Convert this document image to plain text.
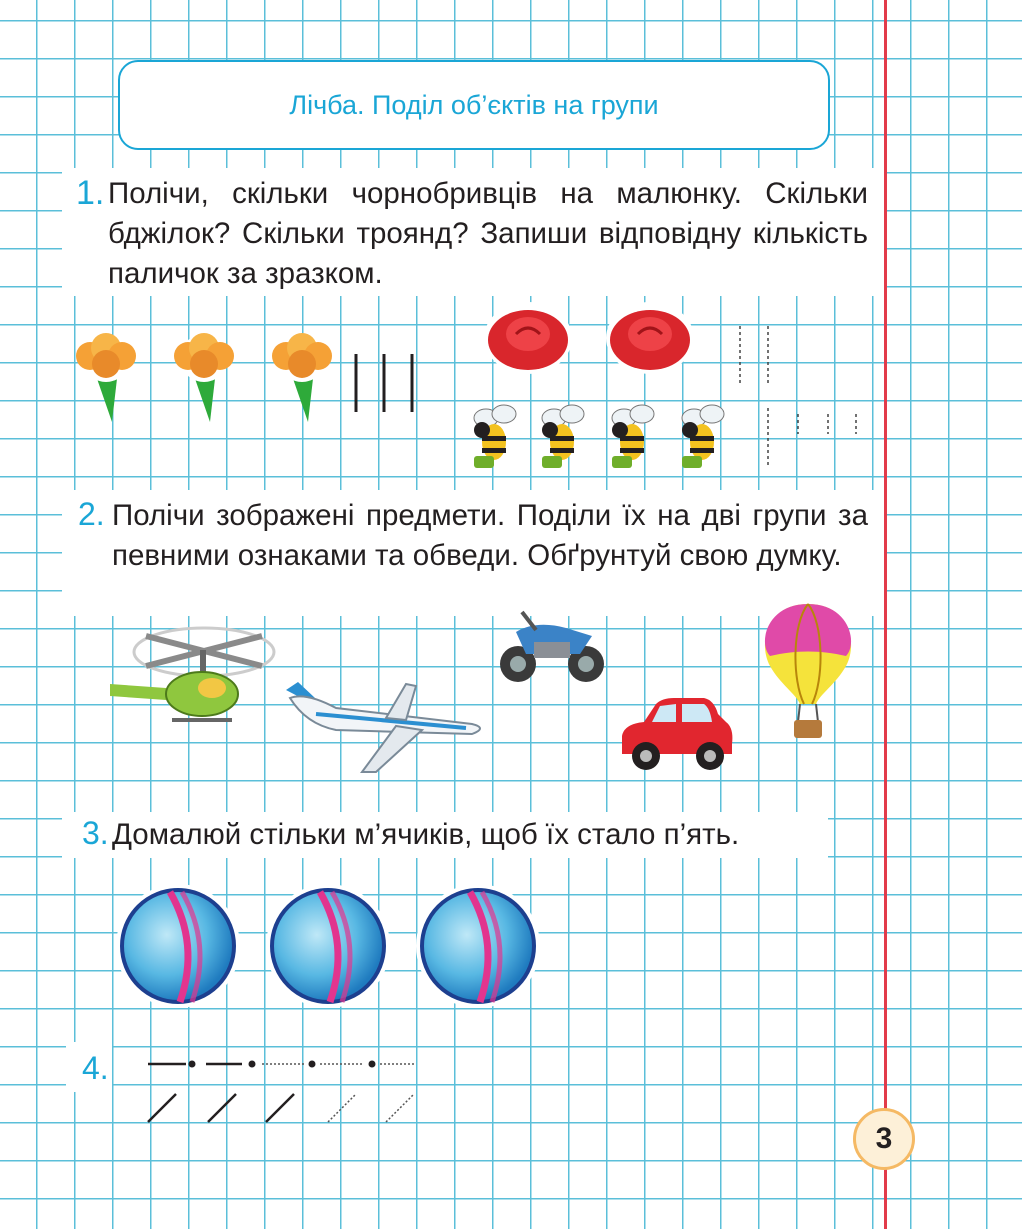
Лічба. Поділ об’єктів на групи
1. Полічи, скільки чорнобривців на малюнку. Скільки бджілок? Скільки троянд? Запиши відповідну кількість паличок за зразком.
2. Полічи зображені предмети. Поділи їх на дві групи за певними ознаками та обведи. Обґрунтуй свою думку.
3. Домалюй стільки м’ячиків, щоб їх стало п’ять.
4.
3
